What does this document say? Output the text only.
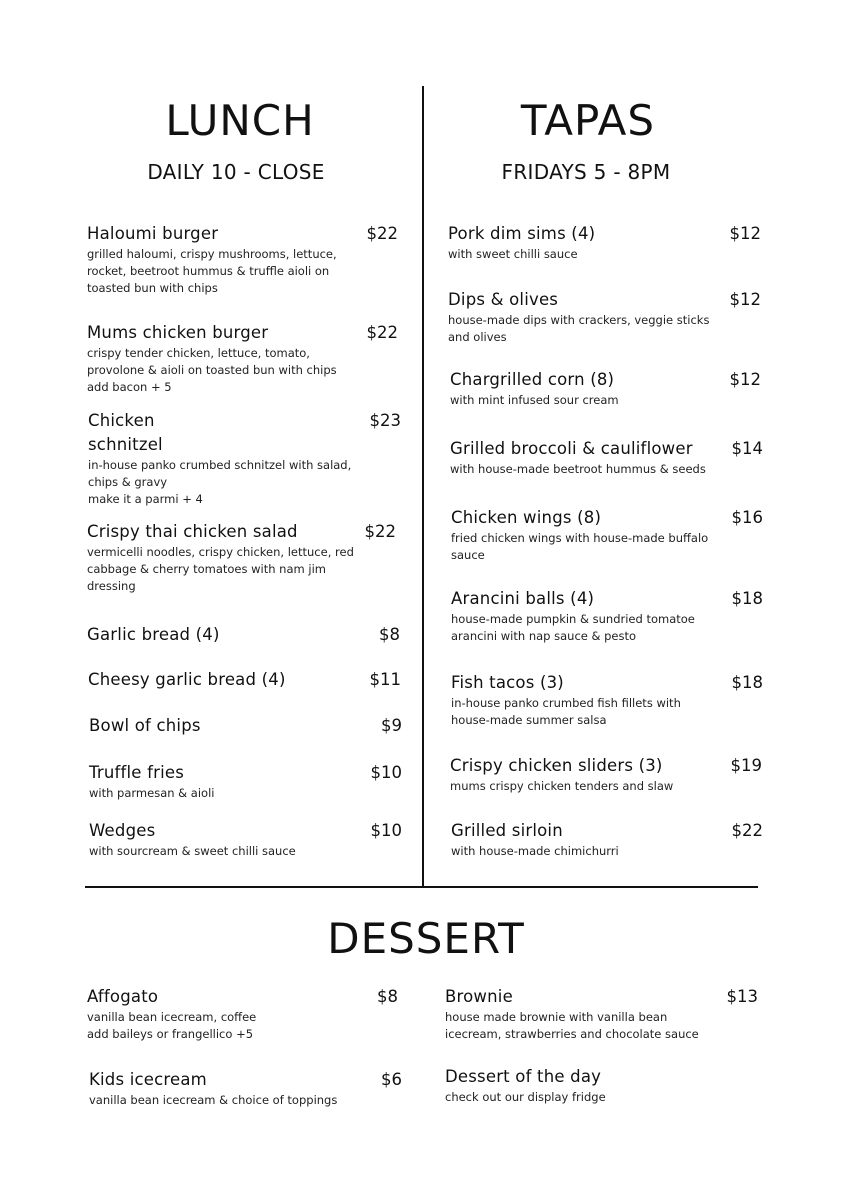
LUNCH
DAILY 10 - CLOSE
TAPAS
FRIDAYS 5 - 8PM
Haloumi burger	$22
grilled haloumi, crispy mushrooms, lettuce,
rocket, beetroot hummus & truffle aioli on
toasted bun with chips
Mums chicken burger	$22
crispy tender chicken, lettuce, tomato,
provolone & aioli on toasted bun with chips
add bacon + 5
Chicken
schnitzel
$23
in-house panko crumbed schnitzel with salad,
chips & gravy
make it a parmi + 4
Crispy thai chicken salad	$22
vermicelli noodles, crispy chicken, lettuce, red
cabbage & cherry tomatoes with nam jim
dressing
Garlic bread (4)	$8
Cheesy garlic bread (4)	$11
Bowl of chips	$9
Truffle fries	$10
with parmesan & aioli
Wedges	$10
with sourcream & sweet chilli sauce
Pork dim sims (4)	$12
with sweet chilli sauce
Dips & olives	$12
house-made dips with crackers, veggie sticks
and olives
Chargrilled corn (8)	$12
with mint infused sour cream
Grilled broccoli & cauliflower	$14
with house-made beetroot hummus & seeds
Chicken wings (8)	$16
fried chicken wings with house-made buffalo
sauce
Arancini balls (4)	$18
house-made pumpkin & sundried tomatoe
arancini with nap sauce & pesto
Fish tacos (3)	$18
in-house panko crumbed fish fillets with
house-made summer salsa
Crispy chicken sliders (3)	$19
mums crispy chicken tenders and slaw
Grilled sirloin	$22
with house-made chimichurri
DESSERT
Affogato	$8
vanilla bean icecream, coffee
add baileys or frangellico +5
Kids icecream	$6
vanilla bean icecream & choice of toppings
Brownie	$13
house made brownie with vanilla bean
icecream, strawberries and chocolate sauce
Dessert of the day
check out our display fridge
